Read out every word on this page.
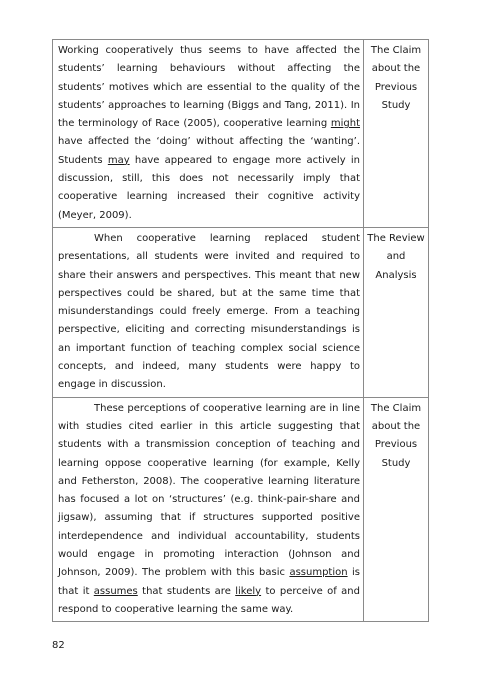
Working cooperatively thus seems to have affected the students’ learning behaviours without affecting the students’ motives which are essential to the quality of the students’ approaches to learning (Biggs and Tang, 2011). In the terminology of Race (2005), cooperative learning might have affected the ‘doing’ without affecting the ‘wanting’. Students may have appeared to engage more actively in discussion, still, this does not necessarily imply that cooperative learning increased their cognitive activity (Meyer, 2009).

The Claim
about the
Previous
Study

When cooperative learning replaced student presentations, all students were invited and required to share their answers and perspectives. This meant that new perspectives could be shared, but at the same time that misunderstandings could freely emerge. From a teaching perspective, eliciting and correcting misunderstandings is an important function of teaching complex social science concepts, and indeed, many students were happy to engage in discussion.

The Review
and
Analysis

These perceptions of cooperative learning are in line with studies cited earlier in this article suggesting that students with a transmission conception of teaching and learning oppose cooperative learning (for example, Kelly and Fetherston, 2008). The cooperative learning literature has focused a lot on ‘structures’ (e.g. think-pair-share and jigsaw), assuming that if structures supported positive interdependence and individual accountability, students would engage in promoting interaction (Johnson and Johnson, 2009). The problem with this basic assumption is that it assumes that students are likely to perceive of and respond to cooperative learning the same way.

The Claim
about the
Previous
Study
82
